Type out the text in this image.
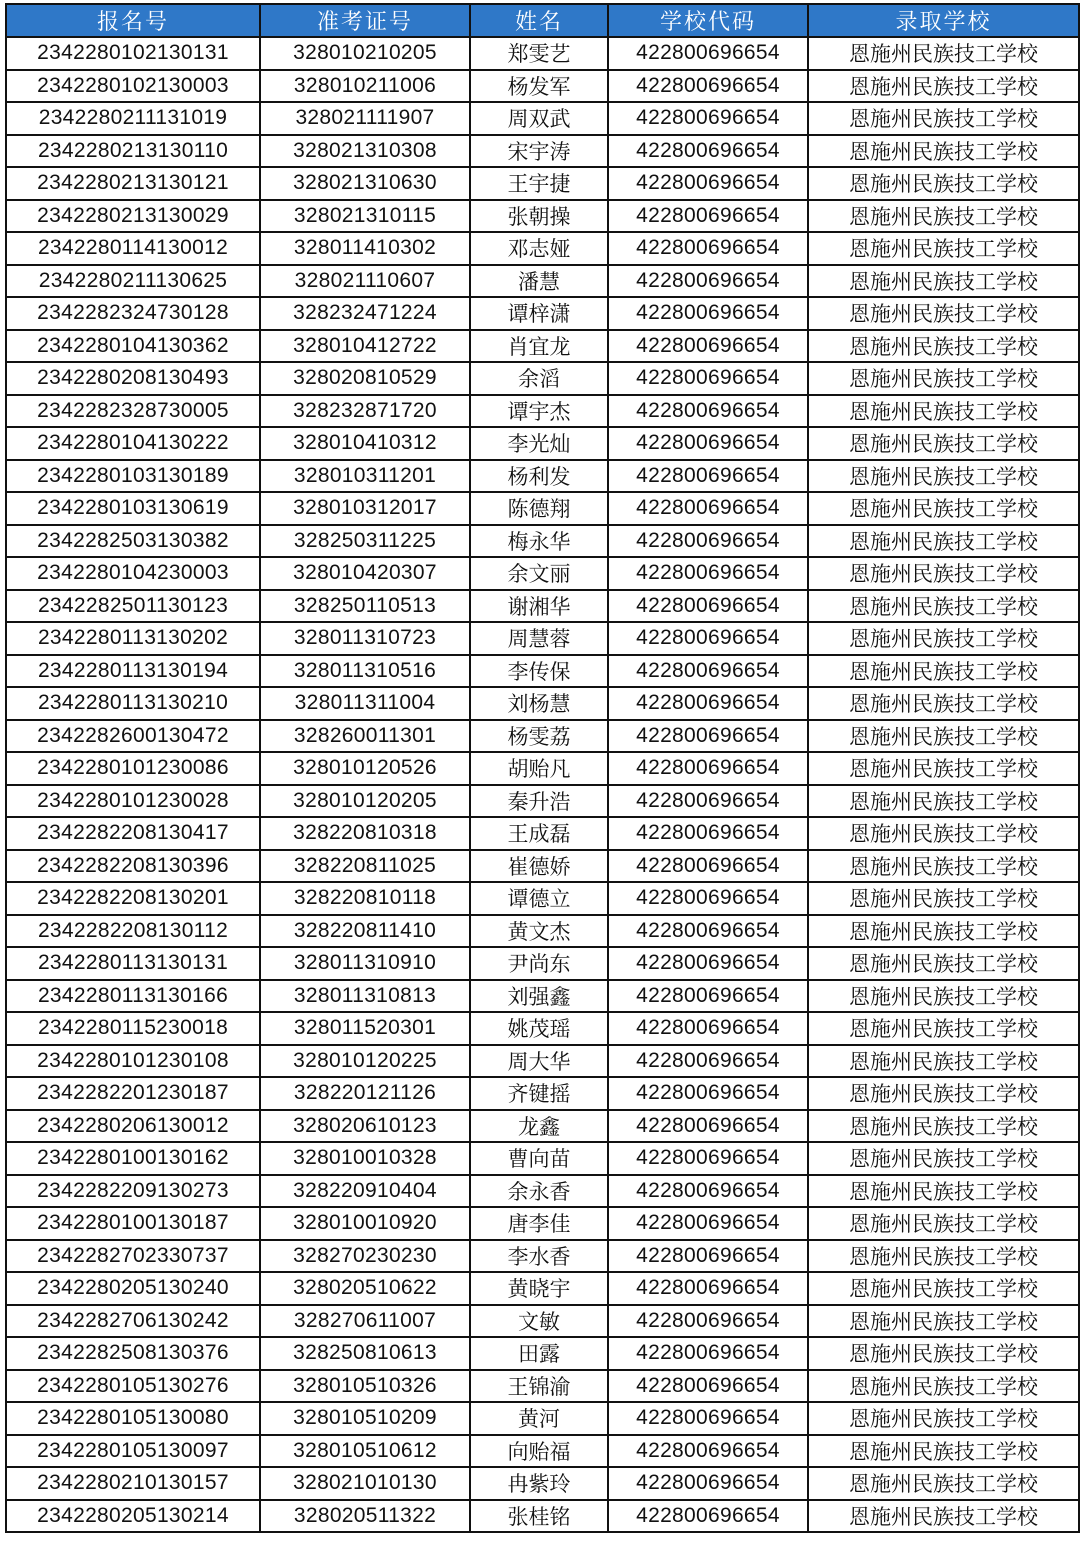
报名号	准考证号	姓名	学校代码	录取学校
2342280102130131	328010210205	郑雯艺	422800696654	恩施州民族技工学校
2342280102130003	328010211006	杨发军	422800696654	恩施州民族技工学校
2342280211131019	328021111907	周双武	422800696654	恩施州民族技工学校
2342280213130110	328021310308	宋宇涛	422800696654	恩施州民族技工学校
2342280213130121	328021310630	王宇捷	422800696654	恩施州民族技工学校
2342280213130029	328021310115	张朝操	422800696654	恩施州民族技工学校
2342280114130012	328011410302	邓志娅	422800696654	恩施州民族技工学校
2342280211130625	328021110607	潘慧	422800696654	恩施州民族技工学校
2342282324730128	328232471224	谭梓潇	422800696654	恩施州民族技工学校
2342280104130362	328010412722	肖宜龙	422800696654	恩施州民族技工学校
2342280208130493	328020810529	余滔	422800696654	恩施州民族技工学校
2342282328730005	328232871720	谭宇杰	422800696654	恩施州民族技工学校
2342280104130222	328010410312	李光灿	422800696654	恩施州民族技工学校
2342280103130189	328010311201	杨利发	422800696654	恩施州民族技工学校
2342280103130619	328010312017	陈德翔	422800696654	恩施州民族技工学校
2342282503130382	328250311225	梅永华	422800696654	恩施州民族技工学校
2342280104230003	328010420307	余文丽	422800696654	恩施州民族技工学校
2342282501130123	328250110513	谢湘华	422800696654	恩施州民族技工学校
2342280113130202	328011310723	周慧蓉	422800696654	恩施州民族技工学校
2342280113130194	328011310516	李传保	422800696654	恩施州民族技工学校
2342280113130210	328011311004	刘杨慧	422800696654	恩施州民族技工学校
2342282600130472	328260011301	杨雯荔	422800696654	恩施州民族技工学校
2342280101230086	328010120526	胡贻凡	422800696654	恩施州民族技工学校
2342280101230028	328010120205	秦升浩	422800696654	恩施州民族技工学校
2342282208130417	328220810318	王成磊	422800696654	恩施州民族技工学校
2342282208130396	328220811025	崔德娇	422800696654	恩施州民族技工学校
2342282208130201	328220810118	谭德立	422800696654	恩施州民族技工学校
2342282208130112	328220811410	黄文杰	422800696654	恩施州民族技工学校
2342280113130131	328011310910	尹尚东	422800696654	恩施州民族技工学校
2342280113130166	328011310813	刘强鑫	422800696654	恩施州民族技工学校
2342280115230018	328011520301	姚茂瑶	422800696654	恩施州民族技工学校
2342280101230108	328010120225	周大华	422800696654	恩施州民族技工学校
2342282201230187	328220121126	齐键摇	422800696654	恩施州民族技工学校
2342280206130012	328020610123	龙鑫	422800696654	恩施州民族技工学校
2342280100130162	328010010328	曹向苗	422800696654	恩施州民族技工学校
2342282209130273	328220910404	余永香	422800696654	恩施州民族技工学校
2342280100130187	328010010920	唐李佳	422800696654	恩施州民族技工学校
2342282702330737	328270230230	李水香	422800696654	恩施州民族技工学校
2342280205130240	328020510622	黄晓宇	422800696654	恩施州民族技工学校
2342282706130242	328270611007	文敏	422800696654	恩施州民族技工学校
2342282508130376	328250810613	田露	422800696654	恩施州民族技工学校
2342280105130276	328010510326	王锦渝	422800696654	恩施州民族技工学校
2342280105130080	328010510209	黄河	422800696654	恩施州民族技工学校
2342280105130097	328010510612	向贻福	422800696654	恩施州民族技工学校
2342280210130157	328021010130	冉紫玲	422800696654	恩施州民族技工学校
2342280205130214	328020511322	张桂铭	422800696654	恩施州民族技工学校
